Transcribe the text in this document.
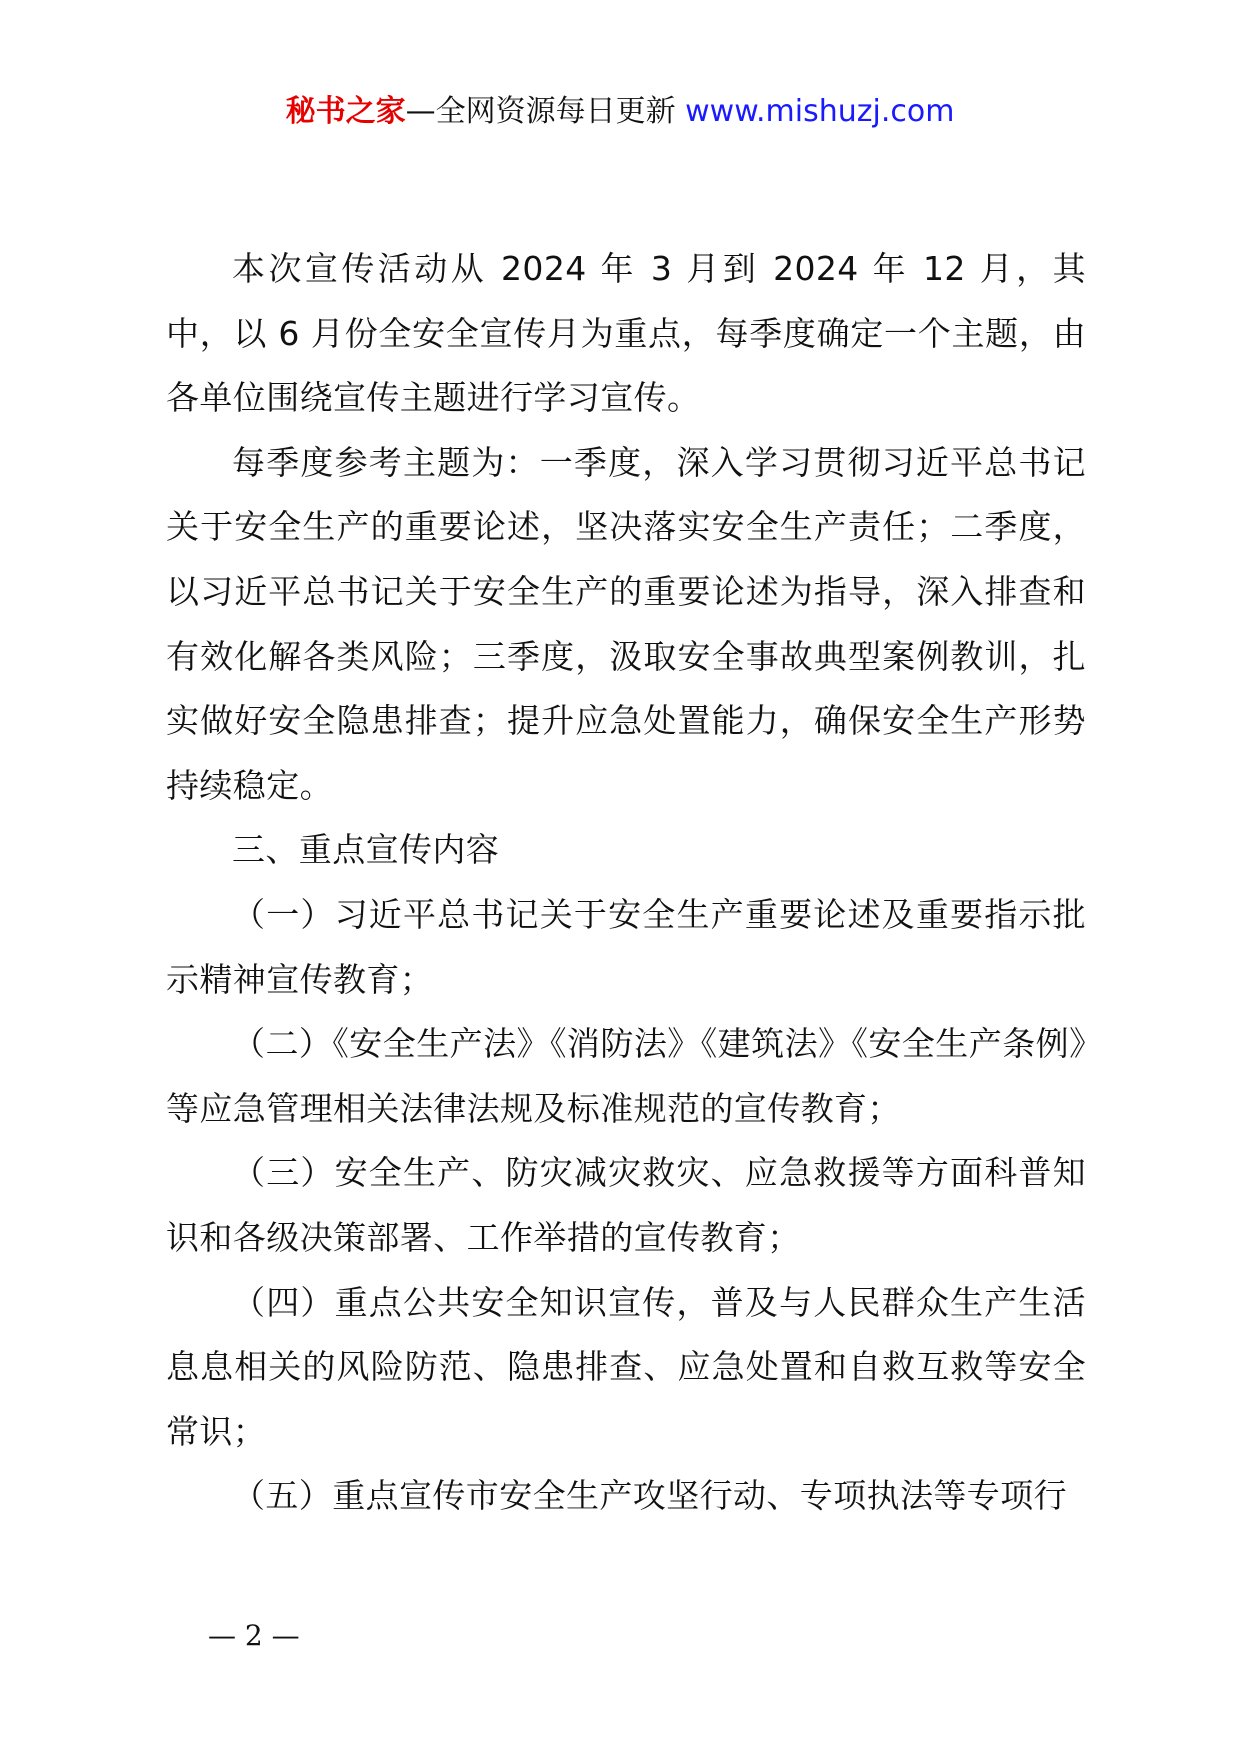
秘书之家—全网资源每日更新 www.mishuzj.com

本次宣传活动从 2024 年 3 月到 2024 年 12 月，其中，以 6 月份全安全宣传月为重点，每季度确定一个主题，由各单位围绕宣传主题进行学习宣传。

每季度参考主题为：一季度，深入学习贯彻习近平总书记关于安全生产的重要论述，坚决落实安全生产责任；二季度，以习近平总书记关于安全生产的重要论述为指导，深入排查和有效化解各类风险；三季度，汲取安全事故典型案例教训，扎实做好安全隐患排查；提升应急处置能力，确保安全生产形势持续稳定。

三、重点宣传内容

（一）习近平总书记关于安全生产重要论述及重要指示批示精神宣传教育；

（二）《安全生产法》《消防法》《建筑法》《安全生产条例》等应急管理相关法律法规及标准规范的宣传教育；

（三）安全生产、防灾减灾救灾、应急救援等方面科普知识和各级决策部署、工作举措的宣传教育；

（四）重点公共安全知识宣传，普及与人民群众生产生活息息相关的风险防范、隐患排查、应急处置和自救互救等安全常识；

（五）重点宣传市安全生产攻坚行动、专项执法等专项行

— 2 —
